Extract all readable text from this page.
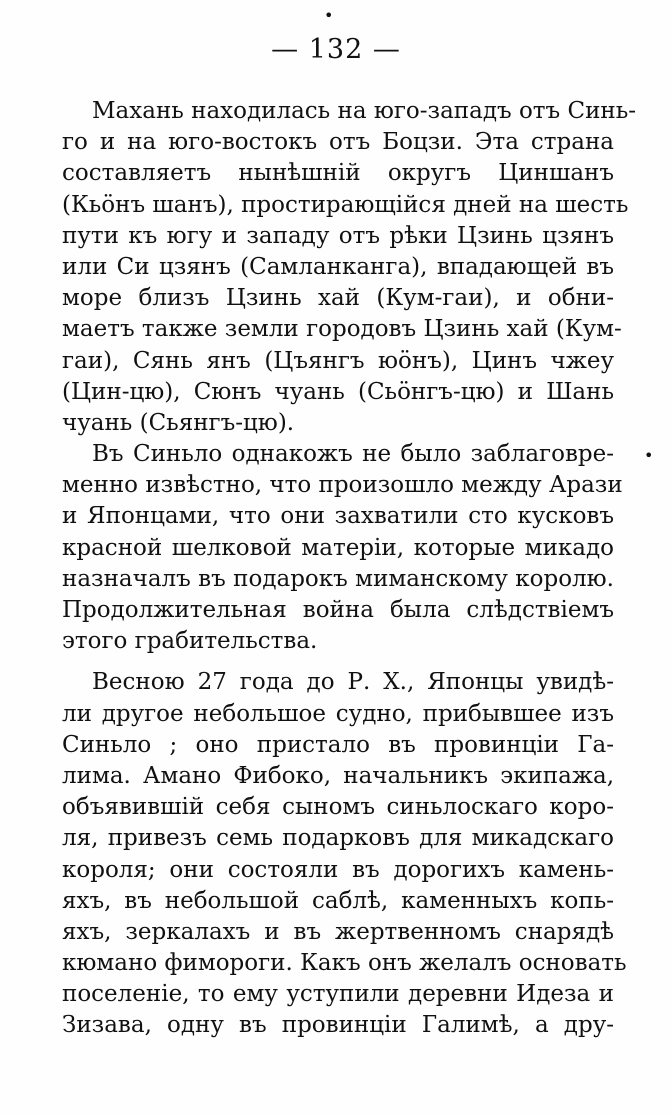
•
— 132 —
•
Махань находилась на юго-западъ отъ Синь-
го и на юго-востокъ отъ Боцзи. Эта страна
составляетъ нынѣшній округъ Циншанъ
(Кьöнъ шанъ), простирающійся дней на шесть
пути къ югу и западу отъ рѣки Цзинь цзянъ
или Си цзянъ (Самланканга), впадающей въ
море близъ Цзинь хай (Кум-гаи), и обни-
маетъ также земли городовъ Цзинь хай (Кум-
гаи), Сянь янъ (Цъянгъ юöнъ), Цинъ чжеу
(Цин-цю), Сюнъ чуань (Сьöнгъ-цю) и Шань
чуань (Сьянгъ-цю).
Въ Синьло однакожъ не было заблаговре-
менно извѣстно, что произошло между Арази
и Японцами, что они захватили сто кусковъ
красной шелковой матеріи, которые микадо
назначалъ въ подарокъ миманскому королю.
Продолжительная война была слѣдствіемъ
этого грабительства.
Весною 27 года до Р. Х., Японцы увидѣ-
ли другое небольшое судно, прибывшее изъ
Синьло ; оно пристало въ провинціи Га-
лима. Амано Фибоко, начальникъ экипажа,
объявившій себя сыномъ синьлоскаго коро-
ля, привезъ семь подарковъ для микадскаго
короля; они состояли въ дорогихъ камень-
яхъ, въ небольшой саблѣ, каменныхъ копь-
яхъ, зеркалахъ и въ жертвенномъ снарядѣ
кюмано фимороги. Какъ онъ желалъ основать
поселеніе, то ему уступили деревни Идеза и
Зизава, одну въ провинціи Галимѣ, а дру-
